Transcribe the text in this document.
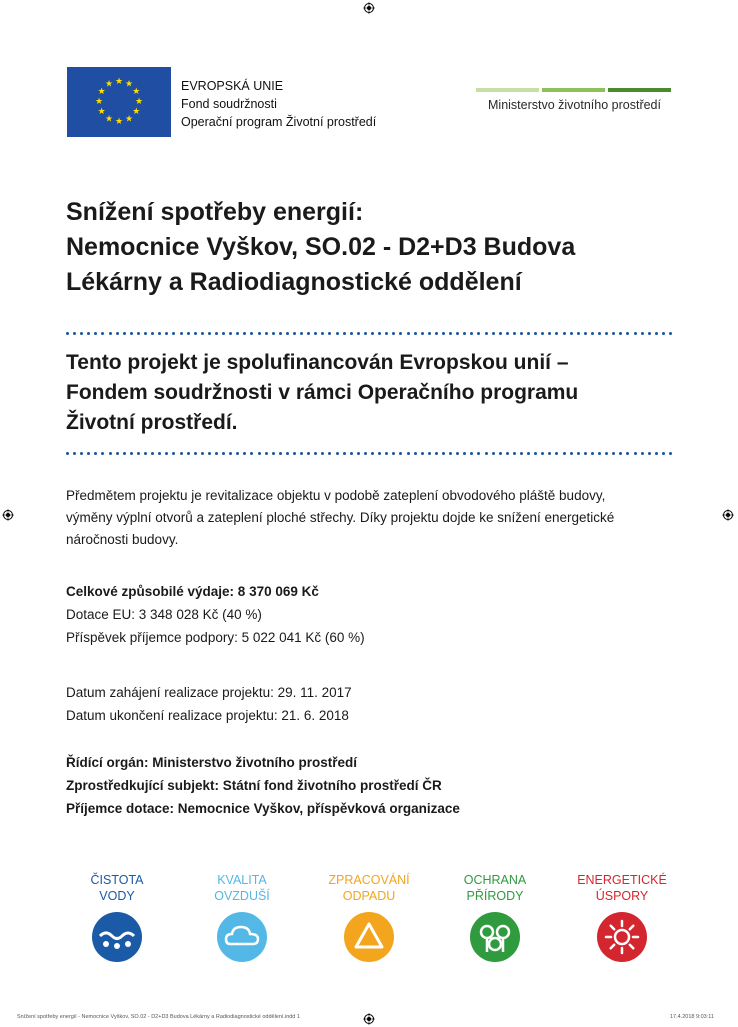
★ ★
★
★
★
★
★
★
★
★
★
★	EVROPSKÁ UNIE
Fond soudržnosti
Operační program Životní prostředí
Ministerstvo životního prostředí
Snížení spotřeby energií:
Nemocnice Vyškov, SO.02 - D2+D3 Budova
Lékárny a Radiodiagnostické oddělení
Tento projekt je spolufinancován Evropskou unií –
Fondem soudržnosti v rámci Operačního programu
Životní prostředí.
Předmětem projektu je revitalizace objektu v podobě zateplení obvodového pláště budovy,
výměny výplní otvorů a zateplení ploché střechy. Díky projektu dojde ke snížení energetické
náročnosti budovy.
Celkové způsobilé výdaje: 8 370 069 Kč
Dotace EU: 3 348 028 Kč (40 %)
Příspěvek příjemce podpory: 5 022 041 Kč (60 %)
Datum zahájení realizace projektu: 29. 11. 2017
Datum ukončení realizace projektu: 21. 6. 2018
Řídící orgán: Ministerstvo životního prostředí
Zprostředkující subjekt: Státní fond životního prostředí ČR
Příjemce dotace: Nemocnice Vyškov, příspěvková organizace
ČISTOTA
VODY
KVALITA
OVZDUŠÍ
ZPRACOVÁNÍ
ODPADU
OCHRANA
PŘÍRODY
ENERGETICKÉ
ÚSPORY
Snížení spotřeby energií - Nemocnice Vyškov, SO.02 - D2+D3 Budova Lékárny a Radiodiagnostické oddělení.indd 1	17.4.2018 9:03:11
